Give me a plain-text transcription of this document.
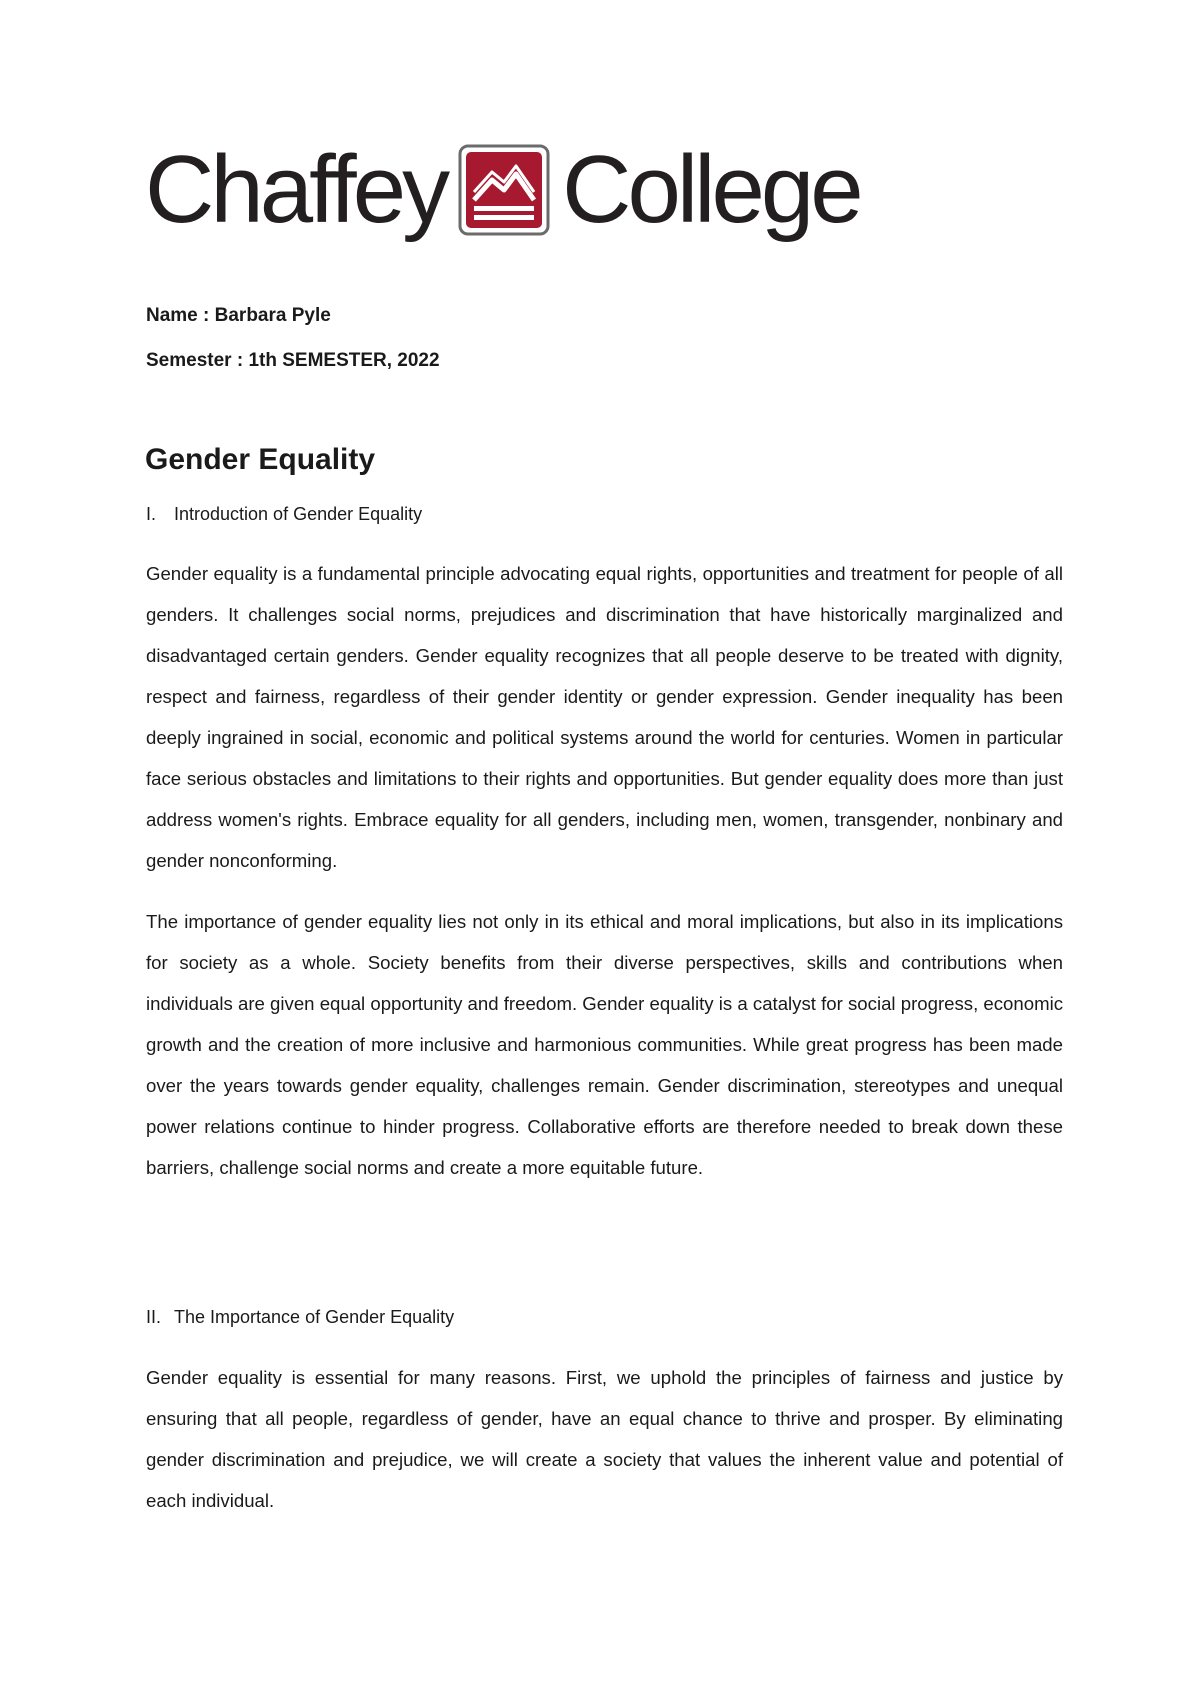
Chaffey College
Name : Barbara Pyle
Semester : 1th SEMESTER, 2022
Gender Equality
I. Introduction of Gender Equality

Gender equality is a fundamental principle advocating equal rights, opportunities and treatment for people of all genders. It challenges social norms, prejudices and discrimination that have historically marginalized and disadvantaged certain genders. Gender equality recognizes that all people deserve to be treated with dignity, respect and fairness, regardless of their gender identity or gender expression. Gender inequality has been deeply ingrained in social, economic and political systems around the world for centuries. Women in particular face serious obstacles and limitations to their rights and opportunities. But gender equality does more than just address women's rights. Embrace equality for all genders, including men, women, transgender, nonbinary and gender nonconforming.

The importance of gender equality lies not only in its ethical and moral implications, but also in its implications for society as a whole. Society benefits from their diverse perspectives, skills and contributions when individuals are given equal opportunity and freedom. Gender equality is a catalyst for social progress, economic growth and the creation of more inclusive and harmonious communities. While great progress has been made over the years towards gender equality, challenges remain. Gender discrimination, stereotypes and unequal power relations continue to hinder progress. Collaborative efforts are therefore needed to break down these barriers, challenge social norms and create a more equitable future.

II. The Importance of Gender Equality

Gender equality is essential for many reasons. First, we uphold the principles of fairness and justice by ensuring that all people, regardless of gender, have an equal chance to thrive and prosper. By eliminating gender discrimination and prejudice, we will create a society that values the inherent value and potential of each individual.
